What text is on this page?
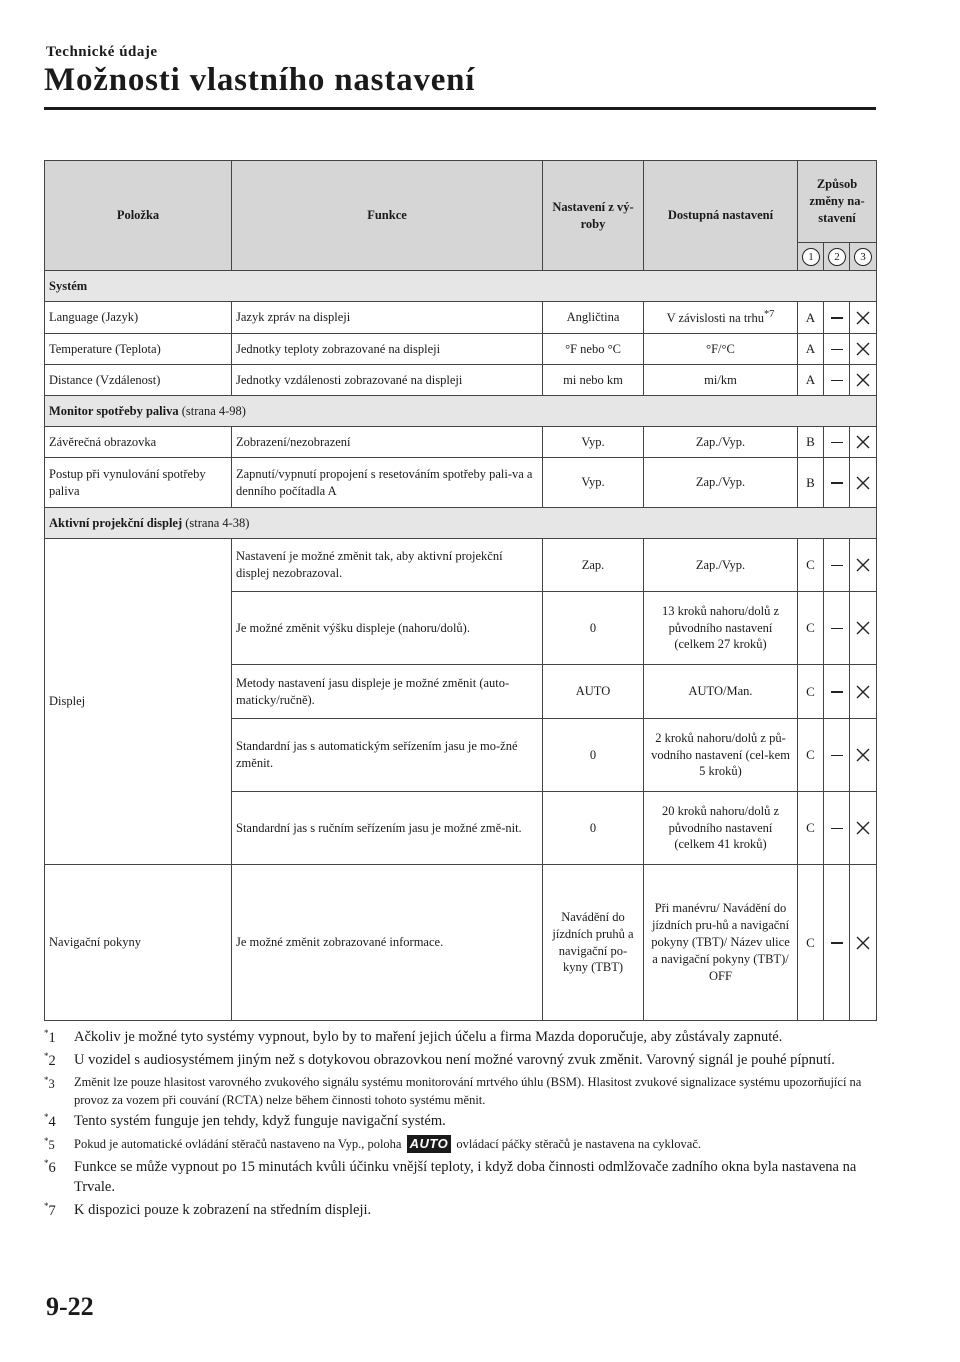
Technické údaje
Možnosti vlastního nastavení
Položka	Funkce	Nastavení z vý-roby	Dostupná nastavení	Způsob změny na-stavení		
				1	2	3
Systém						
Language (Jazyk)	Jazyk zpráv na displeji	Angličtina	V závislosti na trhu$^{*7}$	A		

Temperature (Teplota)	Jednotky teploty zobrazované na displeji	°F nebo °C	°F/°C	A		

Distance (Vzdálenost)	Jednotky vzdálenosti zobrazované na displeji	mi nebo km	mi/km	A		

Monitor spotřeby paliva (strana 4-98)						
Závěrečná obrazovka	Zobrazení/nezobrazení	Vyp.	Zap./Vyp.	B		

Postup při vynulování spotřeby paliva	Zapnutí/vypnutí propojení s resetováním spotřeby pali-va a denního počítadla A	Vyp.	Zap./Vyp.	B		

Aktivní projekční displej (strana 4-38)						
Displej	Nastavení je možné změnit tak, aby aktivní projekční displej nezobrazoval.	Zap.	Zap./Vyp.	C		

	Je možné změnit výšku displeje (nahoru/dolů).	0	13 kroků nahoru/dolů z původního nastavení (celkem 27 kroků)	C		

	Metody nastavení jasu displeje je možné změnit (auto-maticky/ručně).	AUTO	AUTO/Man.	C		

	Standardní jas s automatickým seřízením jasu je mo-žné změnit.	0	2 kroků nahoru/dolů z pů-vodního nastavení (cel-kem 5 kroků)	C		

	Standardní jas s ručním seřízením jasu je možné změ-nit.	0	20 kroků nahoru/dolů z původního nastavení (celkem 41 kroků)	C		

Navigační pokyny	Je možné změnit zobrazované informace.	Navádění do jízdních pruhů a navigační po-kyny (TBT)	Při manévru/ Navádění do jízdních pru-hů a navigační pokyny (TBT)/ Název ulice a navigační pokyny (TBT)/ OFF	C		
*1	Ačkoliv je možné tyto systémy vypnout, bylo by to maření jejich účelu a firma Mazda doporučuje, aby zůstávaly zapnuté.
*2	U vozidel s audiosystémem jiným než s dotykovou obrazovkou není možné varovný zvuk změnit. Varovný signál je pouhé pípnutí.
*3	Změnit lze pouze hlasitost varovného zvukového signálu systému monitorování mrtvého úhlu (BSM). Hlasitost zvukové signalizace systému upozorňující na provoz za vozem při couvání (RCTA) nelze během činnosti tohoto systému měnit.
*4	Tento systém funguje jen tehdy, když funguje navigační systém.
*5	Pokud je automatické ovládání stěračů nastaveno na Vyp., poloha AUTO ovládací páčky stěračů je nastavena na cyklovač.
*6	Funkce se může vypnout po 15 minutách kvůli účinku vnější teploty, i když doba činnosti odmlžovače zadního okna byla nastavena na Trvale.
*7	K dispozici pouze k zobrazení na středním displeji.
9-22
